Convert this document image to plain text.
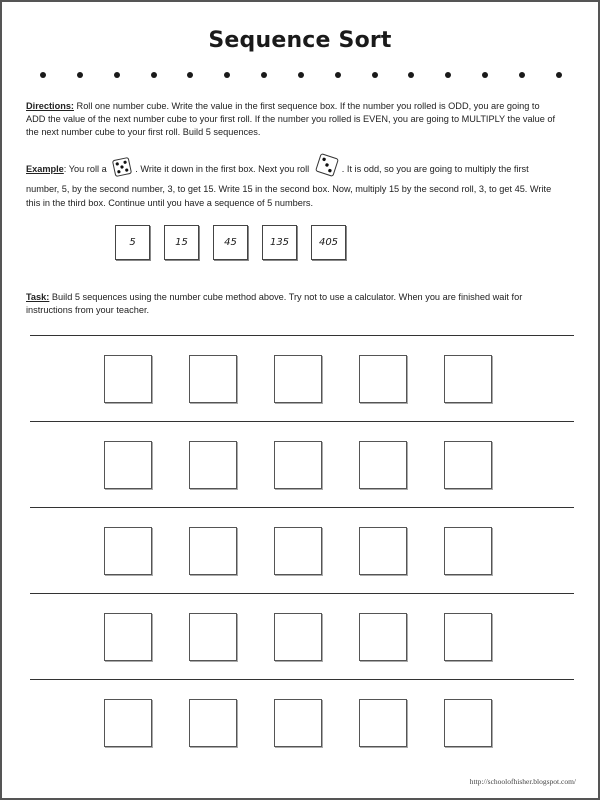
Sequence Sort
Directions: Roll one number cube. Write the value in the first sequence box. If the number you rolled is ODD, you are going to ADD the value of the next number cube to your first roll. If the number you rolled is EVEN, you are going to MULTIPLY the value of the next number cube to your first roll. Build 5 sequences.
Example: You roll a	. Write it down in the first box. Next you roll	. It is odd, so you are going to multiply the first number, 5, by the second number, 3, to get 15. Write 15 in the second box. Now, multiply 15 by the second roll, 3, to get 45. Write this in the third box. Continue until you have a sequence of 5 numbers.
5	15	45	135	405
Task: Build 5 sequences using the number cube method above. Try not to use a calculator. When you are finished wait for instructions from your teacher.
http://schoolofhisher.blogspot.com/
